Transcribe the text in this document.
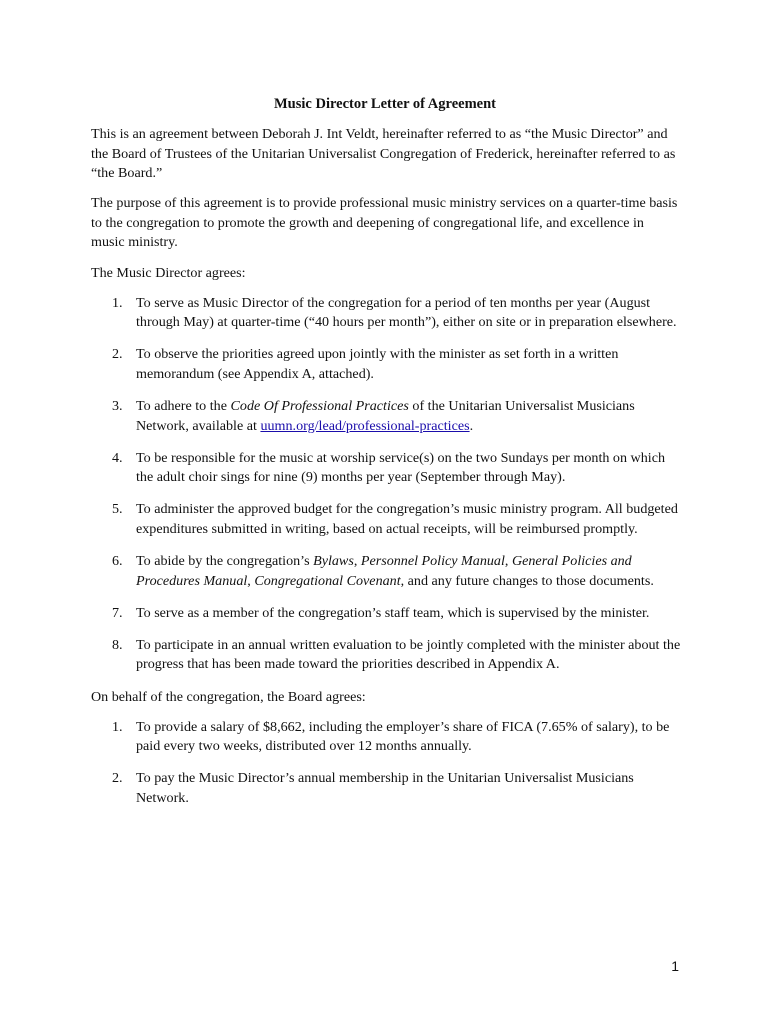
Music Director Letter of Agreement

This is an agreement between Deborah J. Int Veldt, hereinafter referred to as “the Music Director” and the Board of Trustees of the Unitarian Universalist Congregation of Frederick, hereinafter referred to as “the Board.”

The purpose of this agreement is to provide professional music ministry services on a quarter-time basis to the congregation to promote the growth and deepening of congregational life, and excellence in music ministry.

The Music Director agrees:

1. To serve as Music Director of the congregation for a period of ten months per year (August through May) at quarter-time (“40 hours per month”), either on site or in preparation elsewhere.
2. To observe the priorities agreed upon jointly with the minister as set forth in a written memorandum (see Appendix A, attached).
3. To adhere to the Code Of Professional Practices of the Unitarian Universalist Musicians Network, available at uumn.org/lead/professional-practices.
4. To be responsible for the music at worship service(s) on the two Sundays per month on which the adult choir sings for nine (9) months per year (September through May).
5. To administer the approved budget for the congregation’s music ministry program. All budgeted expenditures submitted in writing, based on actual receipts, will be reimbursed promptly.
6. To abide by the congregation’s Bylaws, Personnel Policy Manual, General Policies and Procedures Manual, Congregational Covenant, and any future changes to those documents.
7. To serve as a member of the congregation’s staff team, which is supervised by the minister.
8. To participate in an annual written evaluation to be jointly completed with the minister about the progress that has been made toward the priorities described in Appendix A.

On behalf of the congregation, the Board agrees:

1. To provide a salary of $8,662, including the employer’s share of FICA (7.65% of salary), to be paid every two weeks, distributed over 12 months annually.
2. To pay the Music Director’s annual membership in the Unitarian Universalist Musicians Network.
1
